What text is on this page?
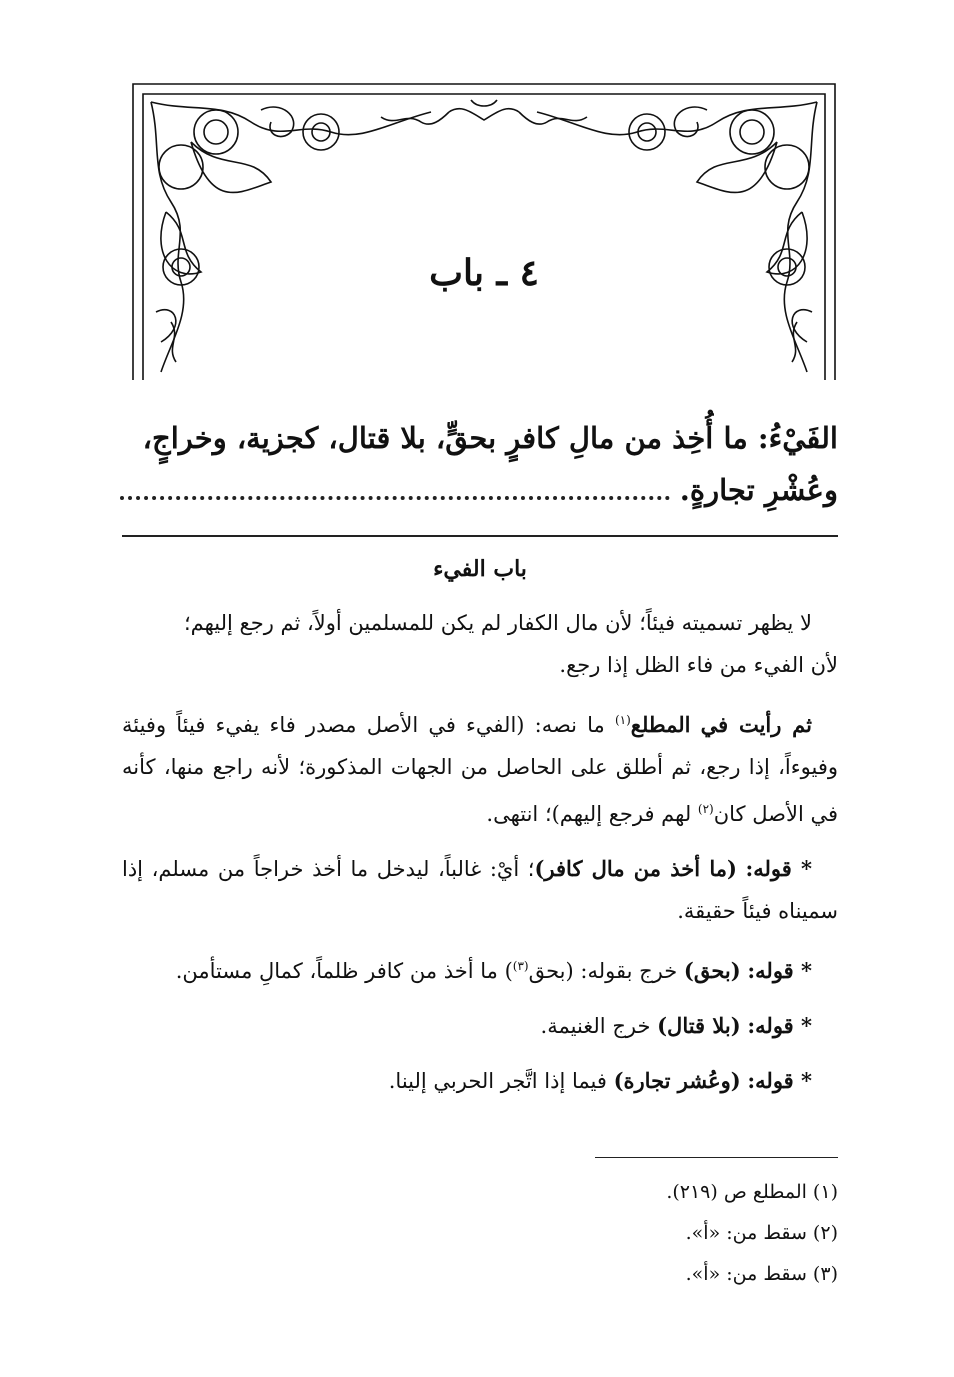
٤ ـ باب
الفَيْءُ: ما أُخِذ من مالِ كافرٍ بحقٍّ، بلا قتال، كجزية، وخراجٍ،
وعُشْرِ تجارةٍ.

باب الفيء

لا يظهر تسميته فيئاً؛ لأن مال الكفار لم يكن للمسلمين أولاً، ثم رجع إليهم؛
لأن الفيء من فاء الظل إذا رجع.

ثم رأيت في المطلع$^{(١)}$ ما نصه: (الفيء في الأصل مصدر فاء يفيء فيئاً وفيئة وفيوءاً، إذا رجع، ثم أطلق على الحاصل من الجهات المذكورة؛ لأنه راجع منها، كأنه في الأصل كان$^{(٢)}$ لهم فرجع إليهم)؛ انتهى.

* قوله: (ما أخذ من مال كافر)؛ أيْ: غالباً، ليدخل ما أخذ خراجاً من مسلم، إذا سميناه فيئاً حقيقة.

* قوله: (بحق) خرج بقوله: (بحق$^{(٣)}$) ما أخذ من كافر ظلماً، كمالِ مستأمن.

* قوله: (بلا قتال) خرج الغنيمة.

* قوله: (وعُشر تجارة) فيما إذا اتَّجر الحربي إلينا.

(١) المطلع ص (٢١٩).
(٢) سقط من: «أ».
(٣) سقط من: «أ».
